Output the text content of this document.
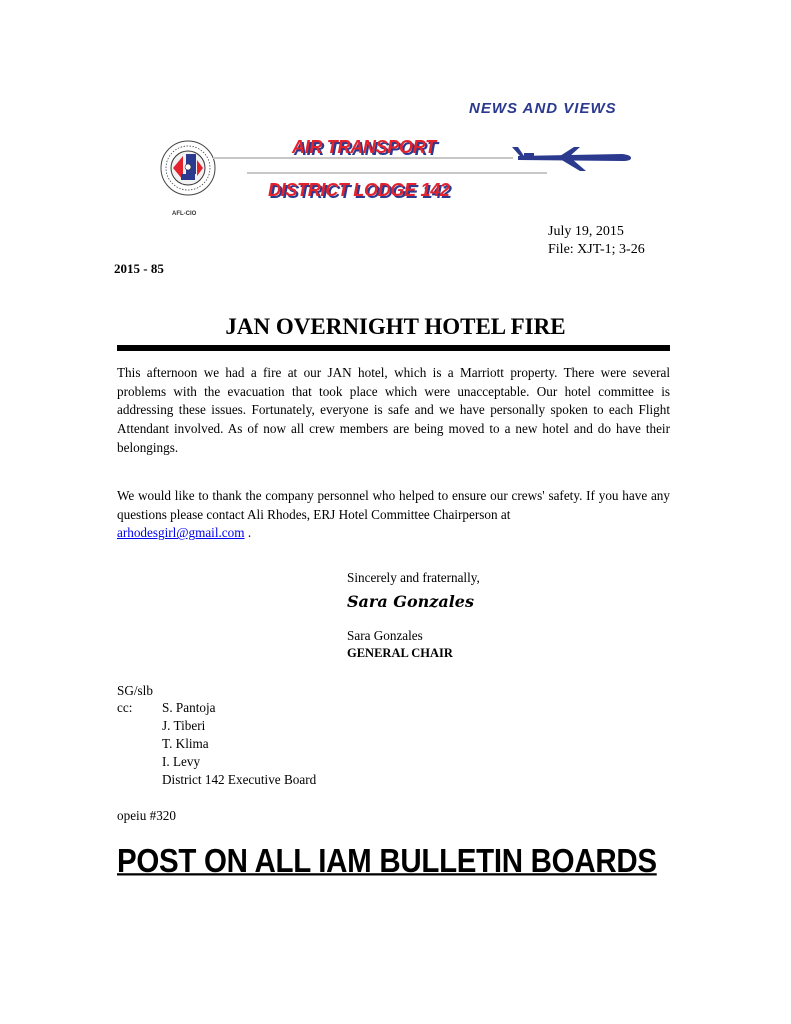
NEWS AND VIEWS
AFL-CIO
AIR TRANSPORT
DISTRICT LODGE 142
July 19, 2015
File: XJT-1; 3-26
2015 - 85
JAN OVERNIGHT HOTEL FIRE
This afternoon we had a fire at our JAN hotel, which is a Marriott property. There were several problems with the evacuation that took place which were unacceptable. Our hotel committee is addressing these issues. Fortunately, everyone is safe and we have personally spoken to each Flight Attendant involved. As of now all crew members are being moved to a new hotel and do have their belongings.
We would like to thank the company personnel who helped to ensure our crews' safety. If you have any questions please contact Ali Rhodes, ERJ Hotel Committee Chairperson at
arhodesgirl@gmail.com .
Sincerely and fraternally,
Sara Gonzales
Sara Gonzales
GENERAL CHAIR
SG/slb
cc: S. Pantoja
J. Tiberi
T. Klima
I. Levy
District 142 Executive Board
opeiu #320
POST ON ALL IAM BULLETIN BOARDS
